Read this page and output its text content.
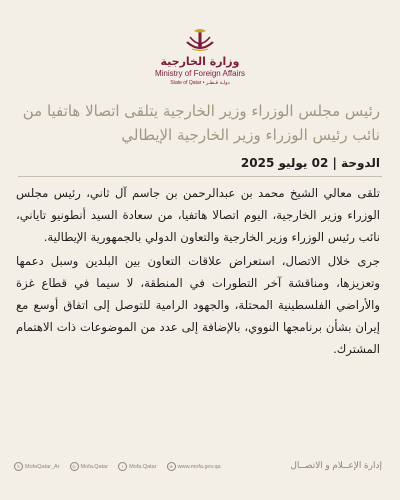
وزارة الخارجية
Ministry of Foreign Affairs
State of Qatar • دولـة قـطـر
رئيس مجلس الوزراء وزير الخارجية يتلقى اتصالا هاتفيا من نائب رئيس الوزراء وزير الخارجية الإيطالي
الدوحة | 02 يوليو 2025
تلقى معالي الشيخ محمد بن عبدالرحمن بن جاسم آل ثاني، رئيس مجلس الوزراء وزير الخارجية، اليوم اتصالا هاتفيا، من سعادة السيد أنطونيو تاياني، نائب رئيس الوزراء وزير الخارجية والتعاون الدولي بالجمهورية الإيطالية.
جرى خلال الاتصال، استعراض علاقات التعاون بين البلدين وسبل دعمها وتعزيزها، ومناقشة آخر التطورات في المنطقة، لا سيما في قطاع غزة والأراضي الفلسطينية المحتلة، والجهود الرامية للتوصل إلى اتفاق أوسع مع إيران بشأن برنامجها النووي، بالإضافة إلى عدد من الموضوعات ذات الاهتمام المشترك.
𝕏 MofaQatar_Ar	◎ Mofa.Qatar	f	Mofa.Qatar	⊕ www.mofa.gov.qa	إدارة الإعــلام و الاتصــال
